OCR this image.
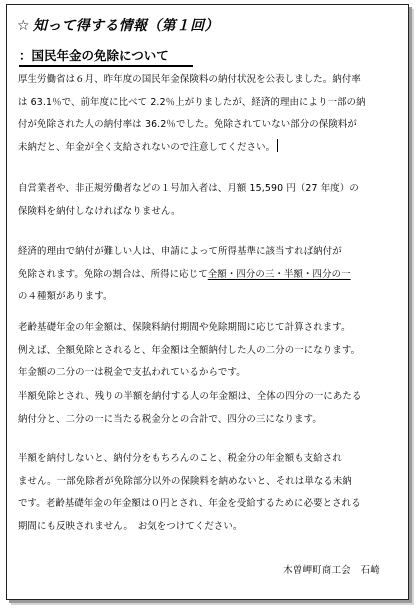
☆ 知って得する情報（第１回）
：国民年金の免除について
厚生労働省は６月、昨年度の国民年金保険料の納付状況を公表しました。納付率
は 63.1％で、前年度に比べて 2.2％上がりましたが、経済的理由により一部の納
付が免除された人の納付率は 36.2％でした。免除されていない部分の保険料が
未納だと、年金が全く支給されないので注意してください。
自営業者や、非正規労働者などの１号加入者は、月額 15,590 円（27 年度）の
保険料を納付しなければなりません。
経済的理由で納付が難しい人は、申請によって所得基準に該当すれば納付が
免除されます。免除の割合は、所得に応じて全額・四分の三・半額・四分の一
の４種類があります。
老齢基礎年金の年金額は、保険料納付期間や免除期間に応じて計算されます。
例えば、全額免除とされると、年金額は全額納付した人の二分の一になります。
年金額の二分の一は税金で支払われているからです。
半額免除とされ、残りの半額を納付する人の年金額は、全体の四分の一にあたる
納付分と、二分の一に当たる税金分との合計で、四分の三になります。
半額を納付しないと、納付分をもちろんのこと、税金分の年金額も支給され
ません。一部免除者が免除部分以外の保険料を納めないと、それは単なる未納
です。老齢基礎年金の年金額は０円とされ、年金を受給するために必要とされる
期間にも反映されません。　お気をつけてください。
木曽岬町商工会　石崎
